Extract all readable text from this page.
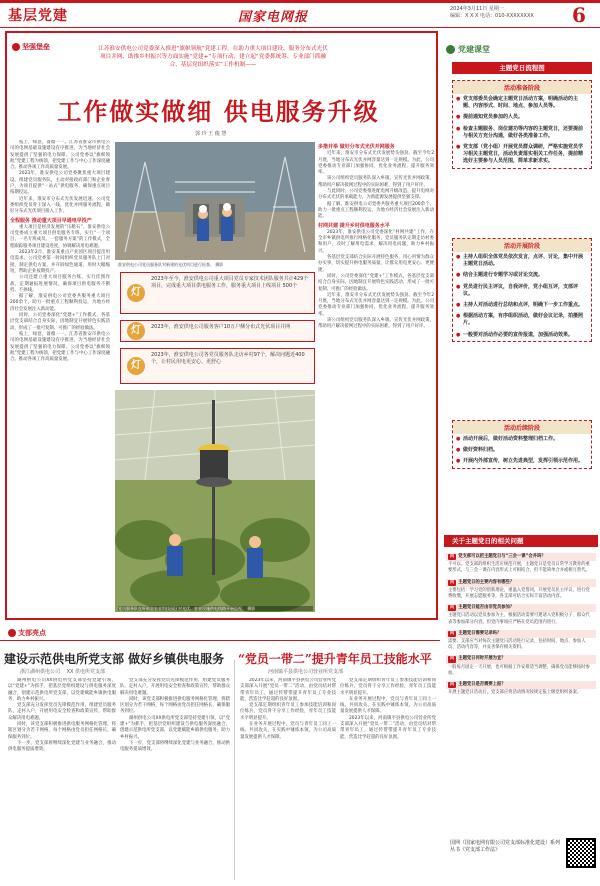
基层党建	国家电网报
2024年3月11日 星期一
编辑：X X X 电话：010-XXXXXXXX 6
坚强堡垒	江苏淮安供电公司党委深入推进“旗帜领航”党建工程，在助力重大项目建设、服务分布式光伏项目并网、助推乡村振兴等方面实施“党建+”专项行动，建立起“党委抓统筹、专业部门抓融合、基层党组织落实”工作机制——
工作做实做细 供电服务升级
郭 玲 王 俊 慧

枝上，绿意，蔷薇一一。江苏省淮安市供电公司的电网基础设施建设有序推进，为当地经济社会发展提供了坚强的电力保障。公司党委以“旗帜领航”党建工程为统领，把党建工作与中心工作深度融合，推动各项工作高质量发展。

2023年，淮安供电公司党委聚焦重大项目建设，组建党员服务队，主动对接政府部门和企业客户，为项目提供“一站式”供电服务，确保重点项目按期投运。

近年来，淮安市分布式光伏发展迅速。公司党委组织党员骨干深入一线，优化并网服务流程，做好分布式光伏项目接入工作。

全程服务 推动重大项目早通电早投产

重大项目是经济发展的“压舱石”。淮安供电公司党委成立重大项目供电服务专班，实行“一个项目、一名专班成员、一套服务方案”的工作模式，全程跟踪服务项目建设进度，协调解决用电难题。

2023年2月，淮安某重点产业园区项目提出用电需求。公司党委第一时间组织党员服务队上门对接，制定供电方案，并开辟绿色通道，用时大幅缩短，帮助企业按期投产。

公司还建立重大项目服务台账，实行挂图作战，定期通报进展情况，确保项目供电服务不断档、不掉线。

据了解，淮安供电公司党委共服务重大项目200余个，助力一批重点工程顺利投运，为地方经济社会发展注入新动能。

同时，公司党委深化“党建+”工作模式，各基层党支部结合自身实际，因地制宜开展特色实践活动，形成了一批可复制、可推广的经验做法。

枝上，绿意，蔷薇一一。江苏省淮安市供电公司的电网基础设施建设有序推进，为当地经济社会发展提供了坚强的电力保障。公司党委以“旗帜领航”党建工程为统领，把党建工作与中心工作深度融合，推动各项工作高质量发展。

淮安供电公司党员服务队对新建的光伏项目进行检查。 摄影
灯
2023年至今，淮安供电公司重大项目党员专家技术团队服务共计429个项目，完成重大项目供电服务工作，服务重大项目上线项目 500个
灯	2023年，淮安供电公司服务客户10万户侧分布式光伏项目并网
灯
2023年，淮安供电公司各党员服务队走访乡村97个，解决问题近400个，让村民用电更安心、更舒心
党员服务队在盱眙县农业科技园区对光伏、农业设施供电线路开展巡视。 摄影

多措并举 做好分布式光伏并网服务

近年来，淮安市分布式光伏发展势头强劲。截至今年2月底，当地分布式光伏并网容量达到一定规模。为此，公司党委推动专业部门加强协同，优化业务流程，提升服务效率。

该公司组织党员服务队深入乡镇，宣传光伏并网政策，帮助用户解决接网过程中的实际困难，得到了用户好评。

与此同时，公司党委推进配电网升级改造，提升电网对分布式光伏的承载能力，为新能源发展提供坚强支撑。

据了解，淮安供电公司党委共服务重大项目200余个，助力一批重点工程顺利投运，为地方经济社会发展注入新动能。

村网共建 提升乡村供电服务水平

2023年，淮安供电公司党委深化“村网共建”工作，在全市乡镇供电所推行网格化服务，党员服务队定期走访村委和用户，及时了解用电需求，解决用电问题，助力乡村振兴。

各基层党支部结合实际开展特色服务，用心用情为群众办实事，切实提升供电服务质量，让群众用电更安心、更便捷。

同时，公司党委深化“党建+”工作模式，各基层党支部结合自身实际，因地制宜开展特色实践活动，形成了一批可复制、可推广的经验做法。

近年来，淮安市分布式光伏发展势头强劲。截至今年2月底，当地分布式光伏并网容量达到一定规模。为此，公司党委推动专业部门加强协同，优化业务流程，提升服务效率。

该公司组织党员服务队深入乡镇，宣传光伏并网政策，帮助用户解决接网过程中的实际困难，得到了用户好评。

党建课堂
主题党日流程图
活动准备阶段
● 党支部委员会确定主题党日活动方案，明确活动的主题、内容形式、时间、地点、参加人员等。
● 提前通知党员参加的人员。
● 检查主题服务、岗位建功等内容的主题党日，还要提前与相关方充分沟通，做好各类准备工作。
● 党支部（党小组）开展党员群众调研，严格实施党员学习相关主题党日，活动负责落实相关工作任务，提前精选好主要参与人员范围，简单求新求实。
活动开展阶段
● 主持人组织全体党员依次发言，点评、讨论，集中开展主题党日活动。
● 结合主题进行专题学习或讨论交流。
● 党员进行民主评议，自我评价，党小组互评，支部评议。
● 主持人对活动进行总结和点评，明确下一步工作重点。
● 根据活动方案，有序组织活动，做好会议记录，拍摄照片。
● 一般要对活动作必要的宣传报道，加强活动效果。
活动后续阶段
● 活动开展后，做好活动资料整理归档工作。
● 做好资料归档。
● 开展内外部宣传，树立先进典型，发挥引领示范作用。
关于主题党日的相关问题
问 党支部可以把主题党日与“三会一课”合并吗？
不可以。党支部的组织生活应规范开展，主题党日是党员日常学习教育的重要形式，与三会一课在内容形式上可相结合，但不能简单合并或相互替代。
问 主题党日的主要内容有哪些？
主要包括：学习党的创新理论，重温入党誓词，开展党员民主评议，进行党费收缴，开展志愿服务等，各支部可结合实际丰富活动内容。
问 主题党日能否由非党员参加？
主题党日活动以党员参加为主，根据活动需要可邀请入党积极分子、群众代表等参加部分内容，但党内事项应严格在党员范围内进行。
问 主题党日需要记录吗？
需要。支部应当对每次主题党日活动进行记录，包括时间、地点、参加人员、活动内容等，并妥善保存相关资料。
问 主题党日何时开展为宜？
一般每月固定一天开展，也可根据工作安排适当调整，确保党员能够按时参加。
问 主题党日是否需要上报？
开展主题党日活动后，党支部应将活动情况按规定报上级党组织备案。
国网（国家电网有限公司党支部标准化建设）系列丛书《党支部工作法》
支部亮点
建设示范供电所党支部 做好乡镇供电服务
浙江湖州供电公司 　XX 供电所党支部

湖州供电公司XX供电所党支部坚持党建引领，以“党建+”为抓手，把基层党组织建设与供电服务深度融合，创建示范供电所党支部，以党建赋能乡镇供电服务，助力乡村振兴。

党支部充分发挥党员先锋模范作用，组建党员服务队，走村入户，开展用电安全检查和政策宣传，帮助群众解决用电难题。

同时，该党支部积极推进供电服务网格化管理，将辖区划分为若干网格，每个网格由党员担任网格长，确保服务到位。

下一步，党支部将继续深化党建与业务融合，推动供电服务提质增效。

党支部充分发挥党员先锋模范作用，组建党员服务队，走村入户，开展用电安全检查和政策宣传，帮助群众解决用电难题。

同时，该党支部积极推进供电服务网格化管理，将辖区划分为若干网格，每个网格由党员担任网格长，确保服务到位。

湖州供电公司XX供电所党支部坚持党建引领，以“党建+”为抓手，把基层党组织建设与供电服务深度融合，创建示范供电所党支部，以党建赋能乡镇供电服务，助力乡村振兴。

下一步，党支部将继续深化党建与业务融合，推动供电服务提质增效。

“党员一带二”提升青年员工技能水平
河南镇平县供电公司营业所党支部

2023年以来，河南镇平县供电公司营业所党支部深入开展“党员一带二”活动，由党员结对帮带青年员工，通过传帮带提升青年员工专业技能，营造比学赶超的良好氛围。

党支部定期组织青年员工参加技能培训和岗位练兵，党员骨干分享工作经验，青年员工技能水平明显提升。

在业务开展过程中，党员与青年员工同上一线、共同攻关，在实践中锤炼本领，为公司高质量发展提供人才保障。

党支部定期组织青年员工参加技能培训和岗位练兵，党员骨干分享工作经验，青年员工技能水平明显提升。

在业务开展过程中，党员与青年员工同上一线、共同攻关，在实践中锤炼本领，为公司高质量发展提供人才保障。

2023年以来，河南镇平县供电公司营业所党支部深入开展“党员一带二”活动，由党员结对帮带青年员工，通过传帮带提升青年员工专业技能，营造比学赶超的良好氛围。
